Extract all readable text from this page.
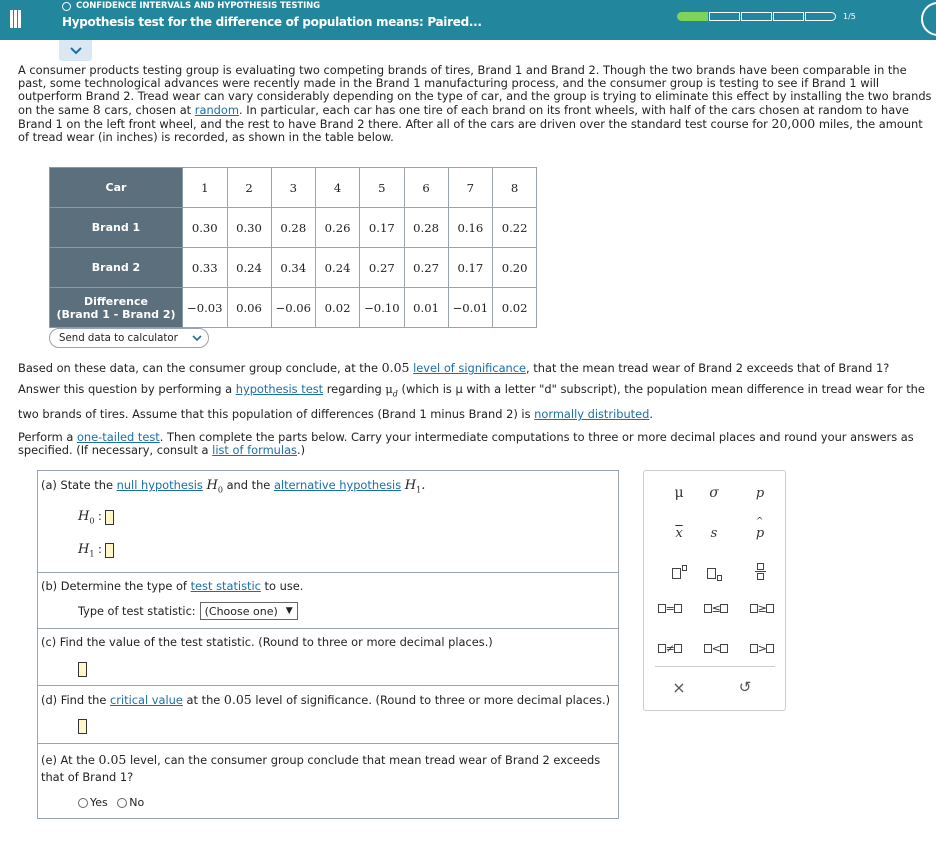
CONFIDENCE INTERVALS AND HYPOTHESIS TESTING
Hypothesis test for the difference of population means: Paired...	1/5
A consumer products testing group is evaluating two competing brands of tires, Brand 1 and Brand 2. Though the two brands have been comparable in the past, some technological advances were recently made in the Brand 1 manufacturing process, and the consumer group is testing to see if Brand 1 will outperform Brand 2. Tread wear can vary considerably depending on the type of car, and the group is trying to eliminate this effect by installing the two brands on the same 8 cars, chosen at random. In particular, each car has one tire of each brand on its front wheels, with half of the cars chosen at random to have Brand 1 on the left front wheel, and the rest to have Brand 2 there. After all of the cars are driven over the standard test course for 20,000 miles, the amount of tread wear (in inches) is recorded, as shown in the table below.
Car	1	2	3	4	5	6	7	8
Brand 1	0.30	0.30	0.28	0.26	0.17	0.28	0.16	0.22
Brand 2	0.33	0.24	0.34	0.24	0.27	0.27	0.17	0.20

Difference
(Brand 1 - Brand 2)	−0.03	0.06	−0.06	0.02	−0.10	0.01	−0.01	0.02
Send data to calculator

Based on these data, can the consumer group conclude, at the 0.05 level of significance, that the mean tread wear of Brand 2 exceeds that of Brand 1?

Answer this question by performing a hypothesis test regarding $\mu_d$ (which is μ with a letter "d" subscript), the population mean difference in tread wear for the two brands of tires. Assume that this population of differences (Brand 1 minus Brand 2) is normally distributed.

Perform a one-tailed test. Then complete the parts below. Carry your intermediate computations to three or more decimal places and round your answers as specified. (If necessary, consult a list of formulas.)

(a) State the null hypothesis $H_0$ and the alternative hypothesis $H_1$.
$H_0$ :
$H_1$ :
(b) Determine the type of test statistic to use.
Type of test statistic: (Choose one) ▼
(c) Find the value of the test statistic. (Round to three or more decimal places.)
(d) Find the critical value at the 0.05 level of significance. (Round to three or more decimal places.)
(e) At the 0.05 level, can the consumer group conclude that mean tread wear of Brand 2 exceeds that of Brand 1?
Yes No
μ	σ	p
$\overline{x}$	s
^
p
=	≤	≥
≠	<	>
×	↺
